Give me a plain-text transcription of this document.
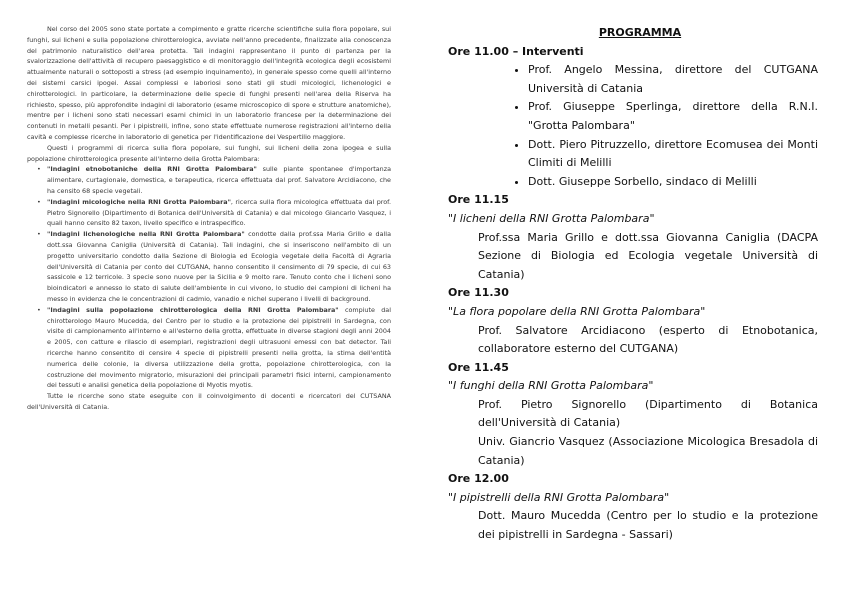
Nel corso del 2005 sono state portate a compimento e gratte ricerche scientifiche sulla flora popolare, sui funghi, sui licheni e sulla popolazione chirotterologica, avviate nell'anno precedente, finalizzate alla conoscenza del patrimonio naturalistico dell'area protetta. Tali indagini rappresentano il punto di partenza per la svalorizzazione dell'attività di recupero paesaggistico e di monitoraggio dell'integrità ecologica degli ecosistemi attualmente naturali o sottoposti a stress (ad esempio inquinamento), in generale spesso come quelli all'interno dei sistemi carsici ipogei. Assai complessi e laboriosi sono stati gli studi micologici, lichenologici e chirotterologici. In particolare, la determinazione delle specie di funghi presenti nell'area della Riserva ha richiesto, spesso, più approfondite indagini di laboratorio (esame microscopico di spore e strutture anatomiche), mentre per i licheni sono stati necessari esami chimici in un laboratorio francese per la determinazione dei contenuti in metalli pesanti. Per i pipistrelli, infine, sono state effettuate numerose registrazioni all'interno della cavità e complesse ricerche in laboratorio di genetica per l'identificazione dei Vespertilio maggiore.

Questi i programmi di ricerca sulla flora popolare, sui funghi, sui licheni della zona ipogea e sulla popolazione chirotterologica presente all'interno della Grotta Palombara:

• "Indagini etnobotaniche della RNI Grotta Palombara" sulle piante spontanee d'importanza alimentare, curtagionale, domestica, e terapeutica, ricerca effettuata dal prof. Salvatore Arcidiacono, che ha censito 68 specie vegetali.

• "Indagini micologiche nella RNI Grotta Palombara", ricerca sulla flora micologica effettuata dal prof. Pietro Signorello (Dipartimento di Botanica dell'Università di Catania) e dal micologo Giancarlo Vasquez, i quali hanno censito 82 taxon, livello specifico e intraspecifico.

• "Indagini lichenologiche nella RNI Grotta Palombara" condotte dalla prof.ssa Maria Grillo e dalla dott.ssa Giovanna Caniglia (Università di Catania). Tali indagini, che si inseriscono nell'ambito di un progetto universitario condotto dalla Sezione di Biologia ed Ecologia vegetale della Facoltà di Agraria dell'Università di Catania per conto del CUTGANA, hanno consentito il censimento di 79 specie, di cui 63 sassicole e 12 terricole. 3 specie sono nuove per la Sicilia e 9 molto rare. Tenuto conto che i licheni sono bioindicatori e annesso lo stato di salute dell'ambiente in cui vivono, lo studio dei campioni di licheni ha messo in evidenza che le concentrazioni di cadmio, vanadio e nichel superano i livelli di background.

• "Indagini sulla popolazione chirotterologica della RNI Grotta Palombara" compiute dal chirotterologo Mauro Mucedda, del Centro per lo studio e la protezione dei pipistrelli in Sardegna, con visite di campionamento all'interno e all'esterno della grotta, effettuate in diverse stagioni degli anni 2004 e 2005, con catture e rilascio di esemplari, registrazioni degli ultrasuoni emessi con bat detector. Tali ricerche hanno consentito di censire 4 specie di pipistrelli presenti nella grotta, la stima dell'entità numerica delle colonie, la diversa utilizzazione della grotta, popolazione chirotterologica, con la costruzione del movimento migratorio, misurazioni dei principali parametri fisici interni, campionamento dei tessuti e analisi genetica della popolazione di Myotis myotis.

Tutte le ricerche sono state eseguite con il coinvolgimento di docenti e ricercatori del CUTSANA dell'Università di Catania.

PROGRAMMA
Ore 11.00 – Interventi
• Prof. Angelo Messina, direttore del CUTGANA Università di Catania
• Prof. Giuseppe Sperlinga, direttore della R.N.I. "Grotta Palombara"
• Dott. Piero Pitruzzello, direttore Ecomusea dei Monti Climiti di Melilli
• Dott. Giuseppe Sorbello, sindaco di Melilli
Ore 11.15
"I licheni della RNI Grotta Palombara"
Prof.ssa Maria Grillo e dott.ssa Giovanna Caniglia (DACPA Sezione di Biologia ed Ecologia vegetale Università di Catania)
Ore 11.30
"La flora popolare della RNI Grotta Palombara"
Prof. Salvatore Arcidiacono (esperto di Etnobotanica, collaboratore esterno del CUTGANA)
Ore 11.45
"I funghi della RNI Grotta Palombara"
Prof. Pietro Signorello (Dipartimento di Botanica dell'Università di Catania)
Univ. Giancrio Vasquez (Associazione Micologica Bresadola di Catania)
Ore 12.00
"I pipistrelli della RNI Grotta Palombara"
Dott. Mauro Mucedda (Centro per lo studio e la protezione dei pipistrelli in Sardegna - Sassari)
